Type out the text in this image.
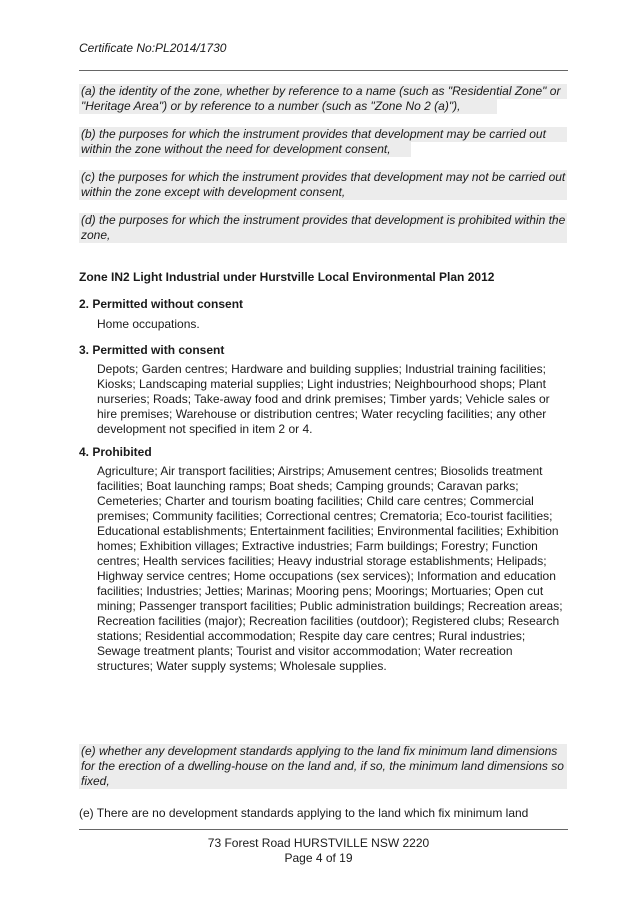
Certificate No:PL2014/1730
(a) the identity of the zone, whether by reference to a name (such as "Residential Zone" or "Heritage Area") or by reference to a number (such as "Zone No 2 (a)"),
(b) the purposes for which the instrument provides that development may be carried out within the zone without the need for development consent,
(c) the purposes for which the instrument provides that development may not be carried out within the zone except with development consent,
(d) the purposes for which the instrument provides that development is prohibited within the zone,
Zone IN2 Light Industrial under Hurstville Local Environmental Plan 2012
2. Permitted without consent
Home occupations.
3. Permitted with consent
Depots; Garden centres; Hardware and building supplies; Industrial training facilities; Kiosks; Landscaping material supplies; Light industries; Neighbourhood shops; Plant nurseries; Roads; Take-away food and drink premises; Timber yards; Vehicle sales or hire premises; Warehouse or distribution centres; Water recycling facilities; any other development not specified in item 2 or 4.
4. Prohibited
Agriculture; Air transport facilities; Airstrips; Amusement centres; Biosolids treatment facilities; Boat launching ramps; Boat sheds; Camping grounds; Caravan parks; Cemeteries; Charter and tourism boating facilities; Child care centres; Commercial premises; Community facilities; Correctional centres; Crematoria; Eco-tourist facilities; Educational establishments; Entertainment facilities; Environmental facilities; Exhibition homes; Exhibition villages; Extractive industries; Farm buildings; Forestry; Function centres; Health services facilities; Heavy industrial storage establishments; Helipads; Highway service centres; Home occupations (sex services); Information and education facilities; Industries; Jetties; Marinas; Mooring pens; Moorings; Mortuaries; Open cut mining; Passenger transport facilities; Public administration buildings; Recreation areas; Recreation facilities (major); Recreation facilities (outdoor); Registered clubs; Research stations; Residential accommodation; Respite day care centres; Rural industries; Sewage treatment plants; Tourist and visitor accommodation; Water recreation structures; Water supply systems; Wholesale supplies.
(e) whether any development standards applying to the land fix minimum land dimensions for the erection of a dwelling-house on the land and, if so, the minimum land dimensions so fixed,
(e) There are no development standards applying to the land which fix minimum land
73 Forest Road HURSTVILLE NSW 2220
Page 4 of 19
